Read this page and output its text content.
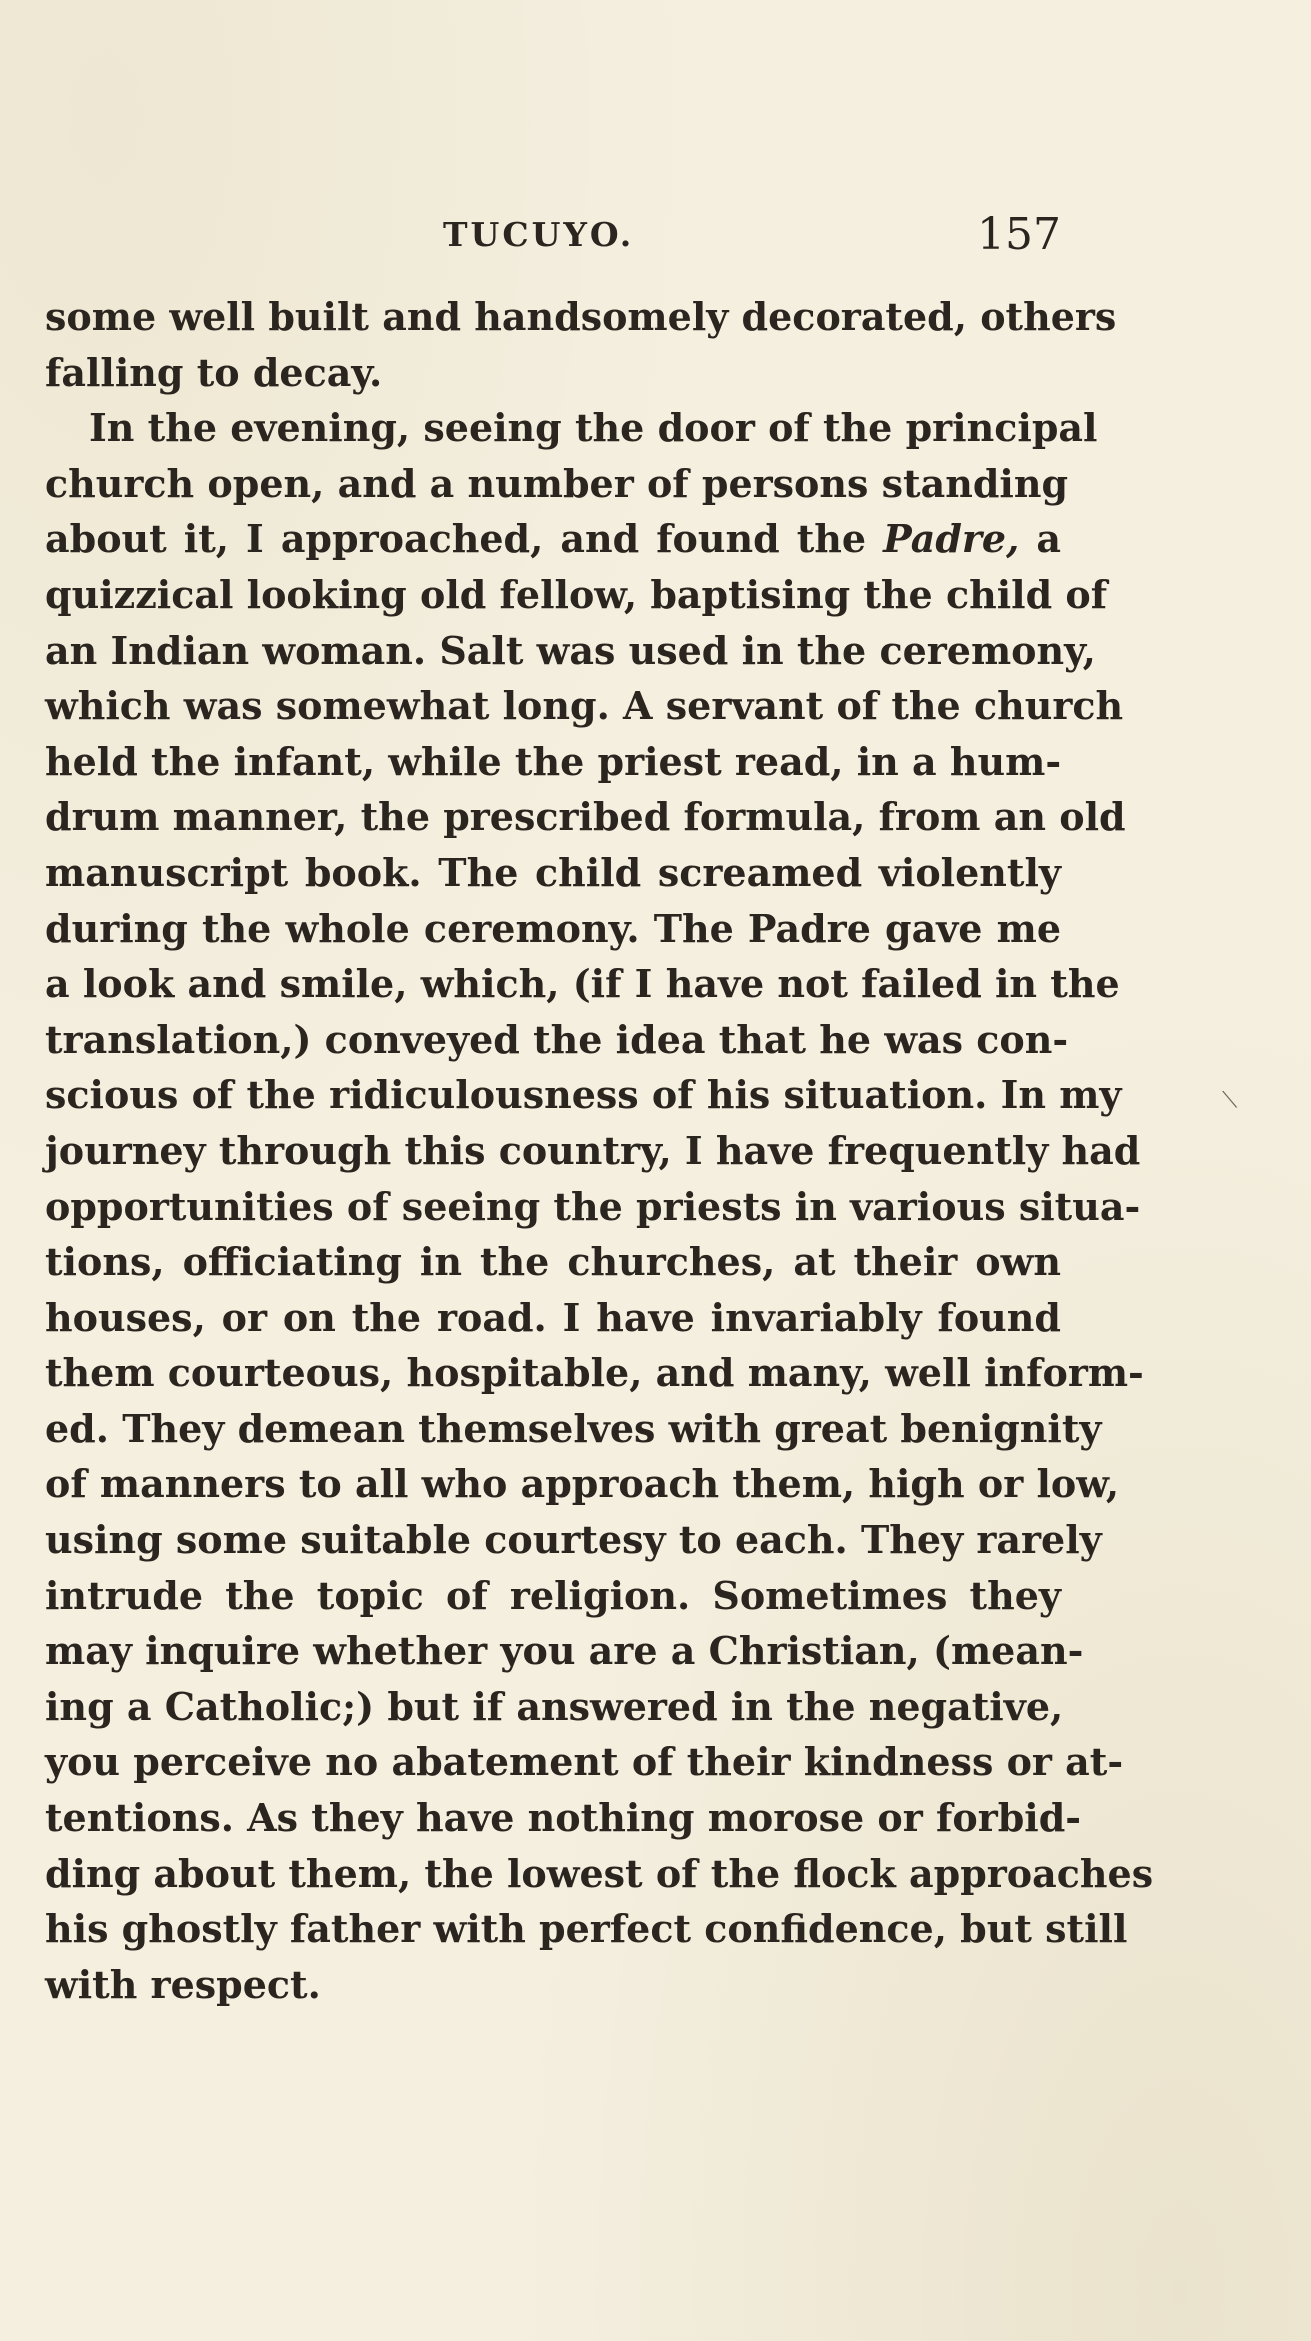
TUCUYO.	157
some well built and handsomely decorated, others
falling to decay.
In the evening, seeing the door of the principal
church open, and a number of persons standing
about it, I approached, and found the Padre, a
quizzical looking old fellow, baptising the child of
an Indian woman. Salt was used in the ceremony,
which was somewhat long. A servant of the church
held the infant, while the priest read, in a hum-
drum manner, the prescribed formula, from an old
manuscript book. The child screamed violently
during the whole ceremony. The Padre gave me
a look and smile, which, (if I have not failed in the
translation,) conveyed the idea that he was con-
scious of the ridiculousness of his situation. In my
journey through this country, I have frequently had
opportunities of seeing the priests in various situa-
tions, officiating in the churches, at their own
houses, or on the road. I have invariably found
them courteous, hospitable, and many, well inform-
ed. They demean themselves with great benignity
of manners to all who approach them, high or low,
using some suitable courtesy to each. They rarely
intrude the topic of religion. Sometimes they
may inquire whether you are a Christian, (mean-
ing a Catholic;) but if answered in the negative,
you perceive no abatement of their kindness or at-
tentions. As they have nothing morose or forbid-
ding about them, the lowest of the flock approaches
his ghostly father with perfect confidence, but still
with respect.
⟍
